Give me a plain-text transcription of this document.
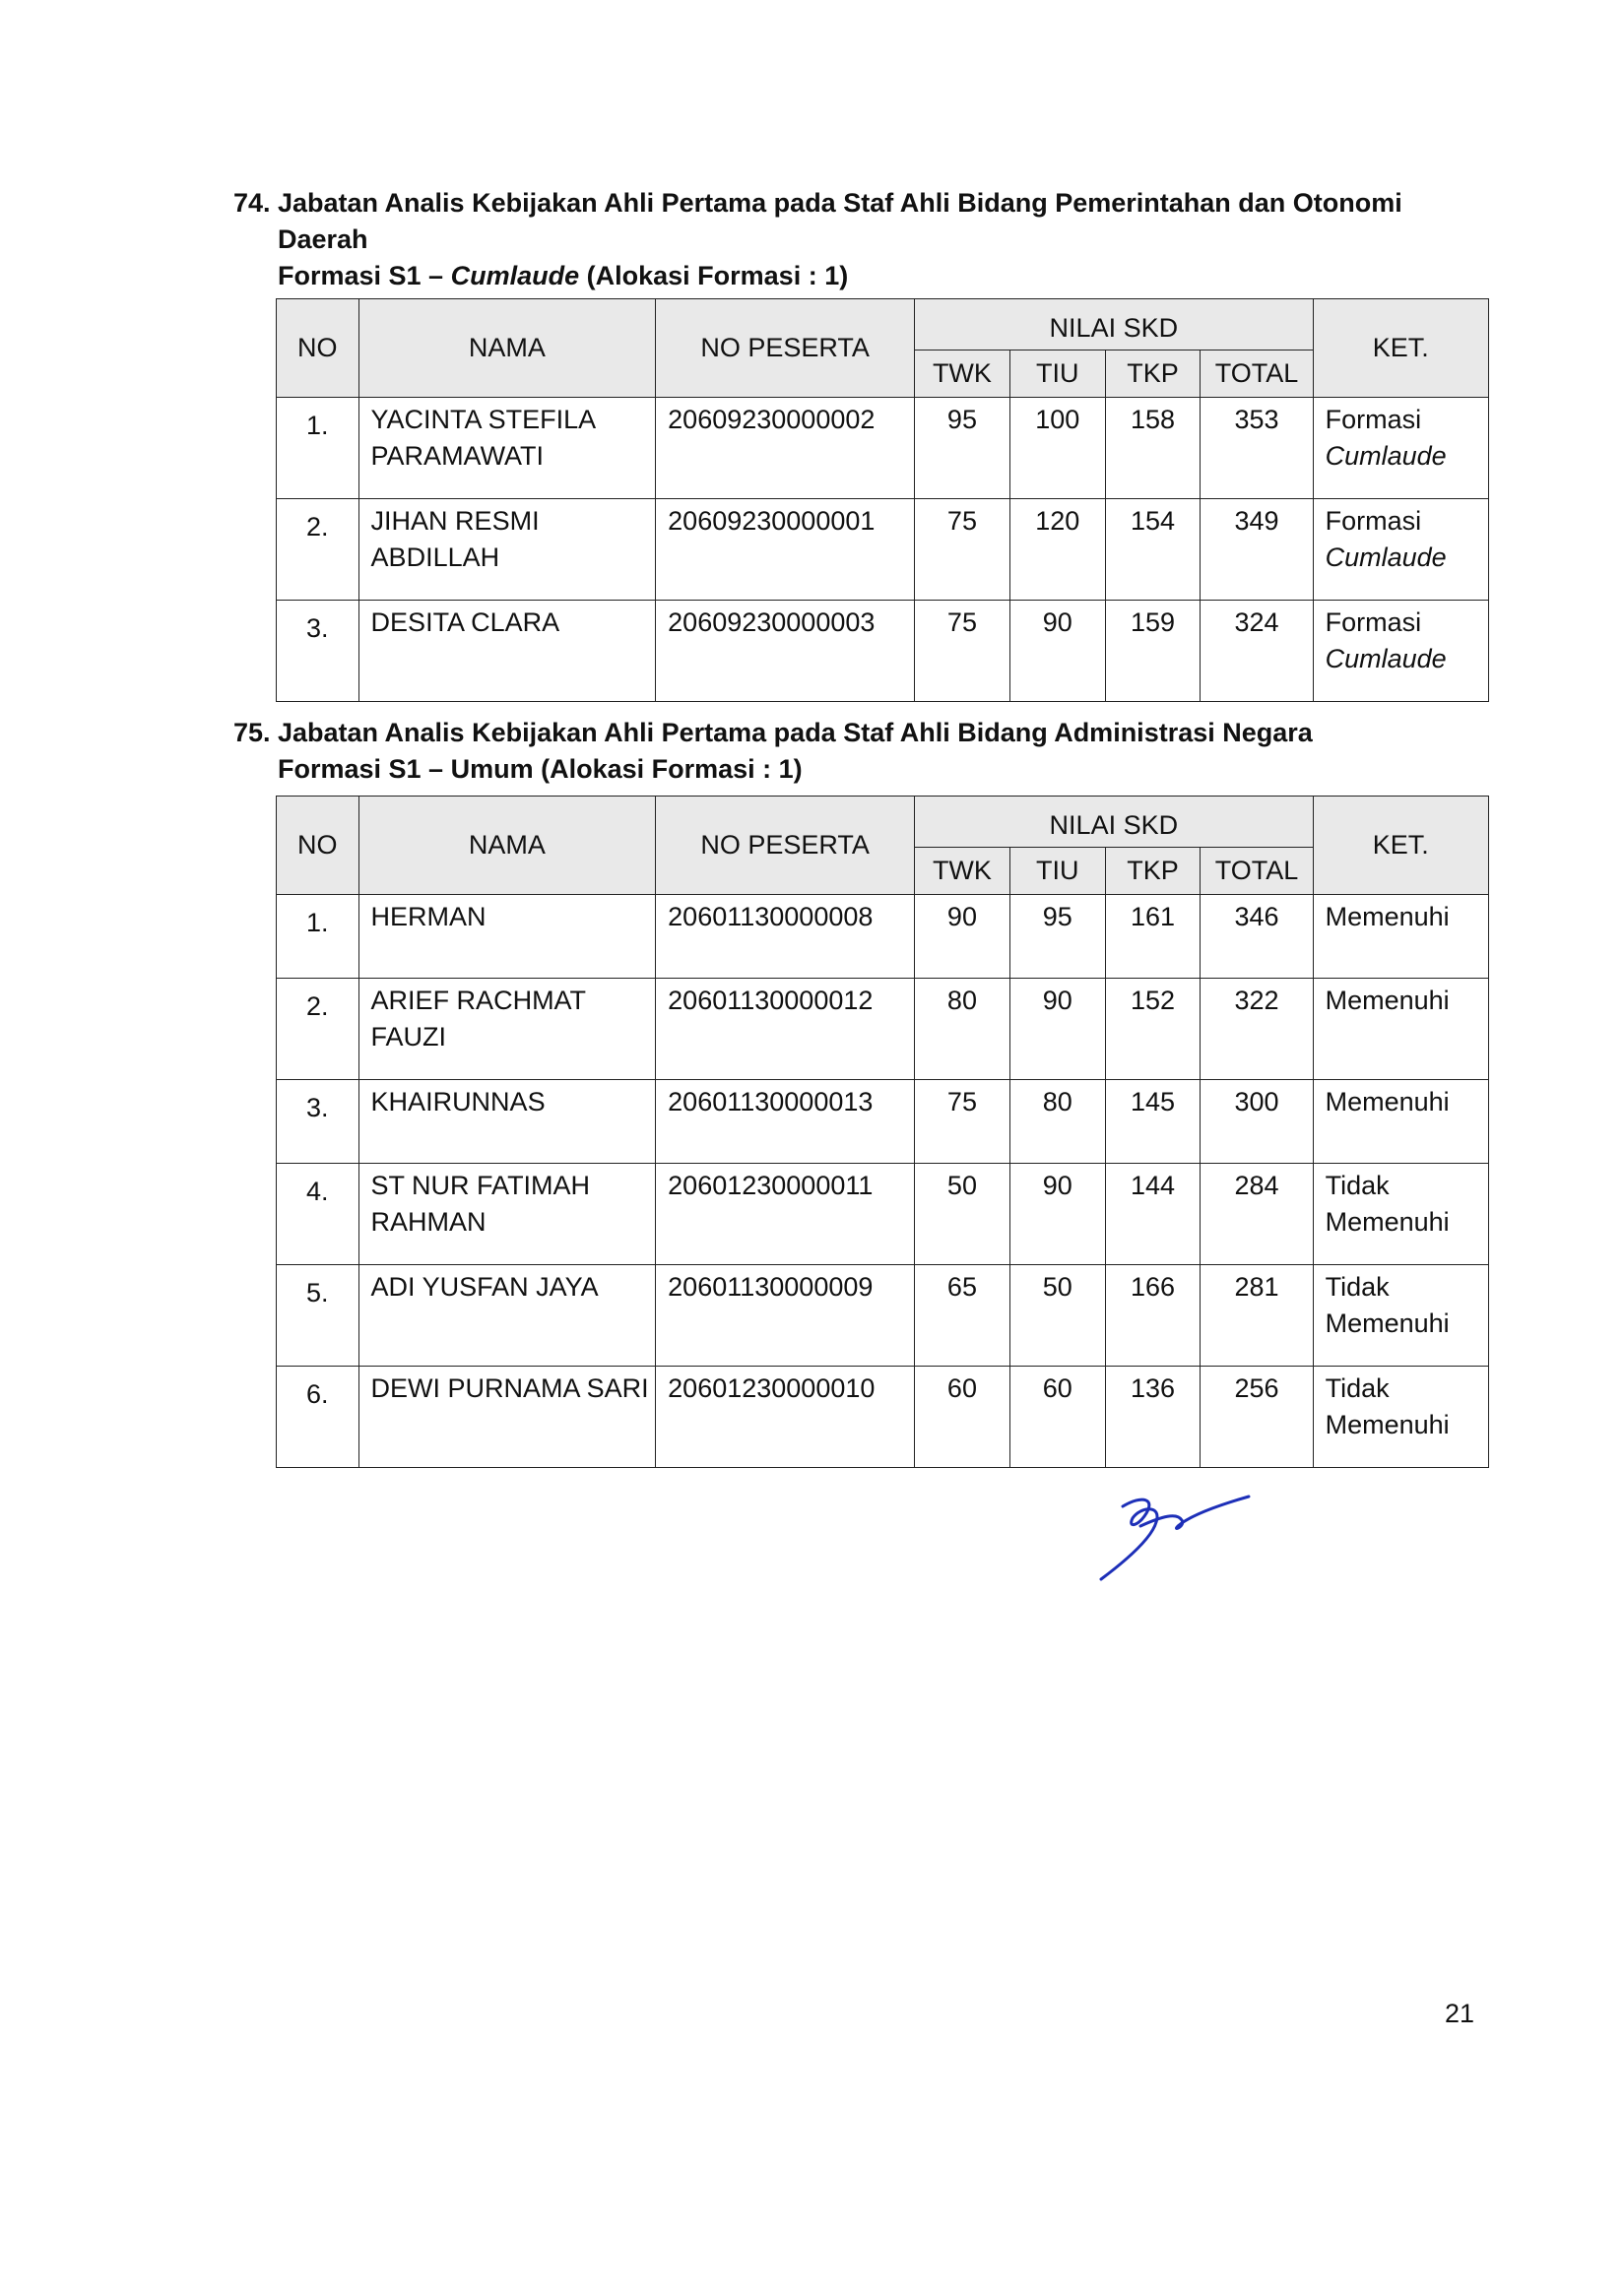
74. Jabatan Analis Kebijakan Ahli Pertama pada Staf Ahli Bidang Pemerintahan dan Otonomi
Daerah
Formasi S1 – Cumlaude (Alokasi Formasi : 1)
NO	NAMA	NO PESERTA	NILAI SKD				KET.
			TWK	TIU	TKP	TOTAL	
1.	YACINTA STEFILA PARAMAWATI	20609230000002	95	100	158	353	Formasi
Cumlaude

2.	JIHAN RESMI ABDILLAH	20609230000001	75	120	154	349	Formasi
Cumlaude

3.	DESITA CLARA	20609230000003	75	90	159	324	Formasi
Cumlaude
75. Jabatan Analis Kebijakan Ahli Pertama pada Staf Ahli Bidang Administrasi Negara
Formasi S1 – Umum (Alokasi Formasi : 1)
NO	NAMA	NO PESERTA	NILAI SKD				KET.
			TWK	TIU	TKP	TOTAL	
1.	HERMAN	20601130000008	90	95	161	346	Memenuhi

2.	ARIEF RACHMAT FAUZI	20601130000012	80	90	152	322	Memenuhi

3.	KHAIRUNNAS	20601130000013	75	80	145	300	Memenuhi

4.	ST NUR FATIMAH RAHMAN	20601230000011	50	90	144	284	Tidak
Memenuhi

5.	ADI YUSFAN JAYA	20601130000009	65	50	166	281	Tidak
Memenuhi

6.	DEWI PURNAMA SARI	20601230000010	60	60	136	256	Tidak
Memenuhi
21
